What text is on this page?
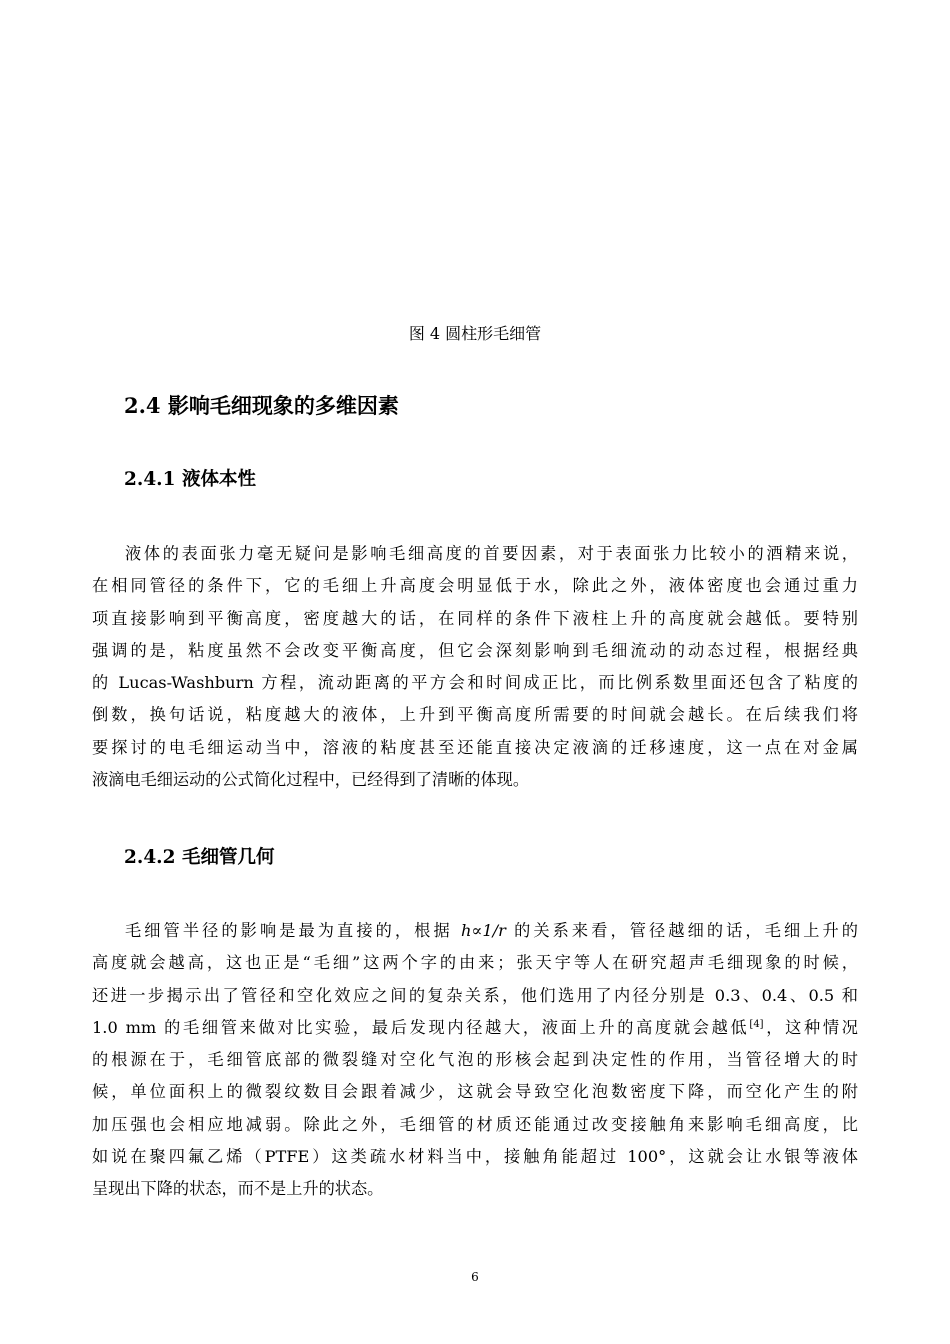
图 4 圆柱形毛细管
2.4 影响毛细现象的多维因素
2.4.1 液体本性
液体的表面张力毫无疑问是影响毛细高度的首要因素，对于表面张力比较小的酒精来说，
在相同管径的条件下，它的毛细上升高度会明显低于水，除此之外，液体密度也会通过重力
项直接影响到平衡高度，密度越大的话，在同样的条件下液柱上升的高度就会越低。要特别
强调的是，粘度虽然不会改变平衡高度，但它会深刻影响到毛细流动的动态过程，根据经典
的 Lucas-Washburn 方程，流动距离的平方会和时间成正比，而比例系数里面还包含了粘度的
倒数，换句话说，粘度越大的液体，上升到平衡高度所需要的时间就会越长。在后续我们将
要探讨的电毛细运动当中，溶液的粘度甚至还能直接决定液滴的迁移速度，这一点在对金属
液滴电毛细运动的公式简化过程中，已经得到了清晰的体现。
2.4.2 毛细管几何
毛细管半径的影响是最为直接的，根据 h∝1/r 的关系来看，管径越细的话，毛细上升的
高度就会越高，这也正是“毛细”这两个字的由来；张天宇等人在研究超声毛细现象的时候，
还进一步揭示出了管径和空化效应之间的复杂关系，他们选用了内径分别是 0.3、0.4、0.5 和
1.0 mm 的毛细管来做对比实验，最后发现内径越大，液面上升的高度就会越低[4]，这种情况
的根源在于，毛细管底部的微裂缝对空化气泡的形核会起到决定性的作用，当管径增大的时
候，单位面积上的微裂纹数目会跟着减少，这就会导致空化泡数密度下降，而空化产生的附
加压强也会相应地减弱。除此之外，毛细管的材质还能通过改变接触角来影响毛细高度，比
如说在聚四氟乙烯（PTFE）这类疏水材料当中，接触角能超过 100°，这就会让水银等液体
呈现出下降的状态，而不是上升的状态。
6
